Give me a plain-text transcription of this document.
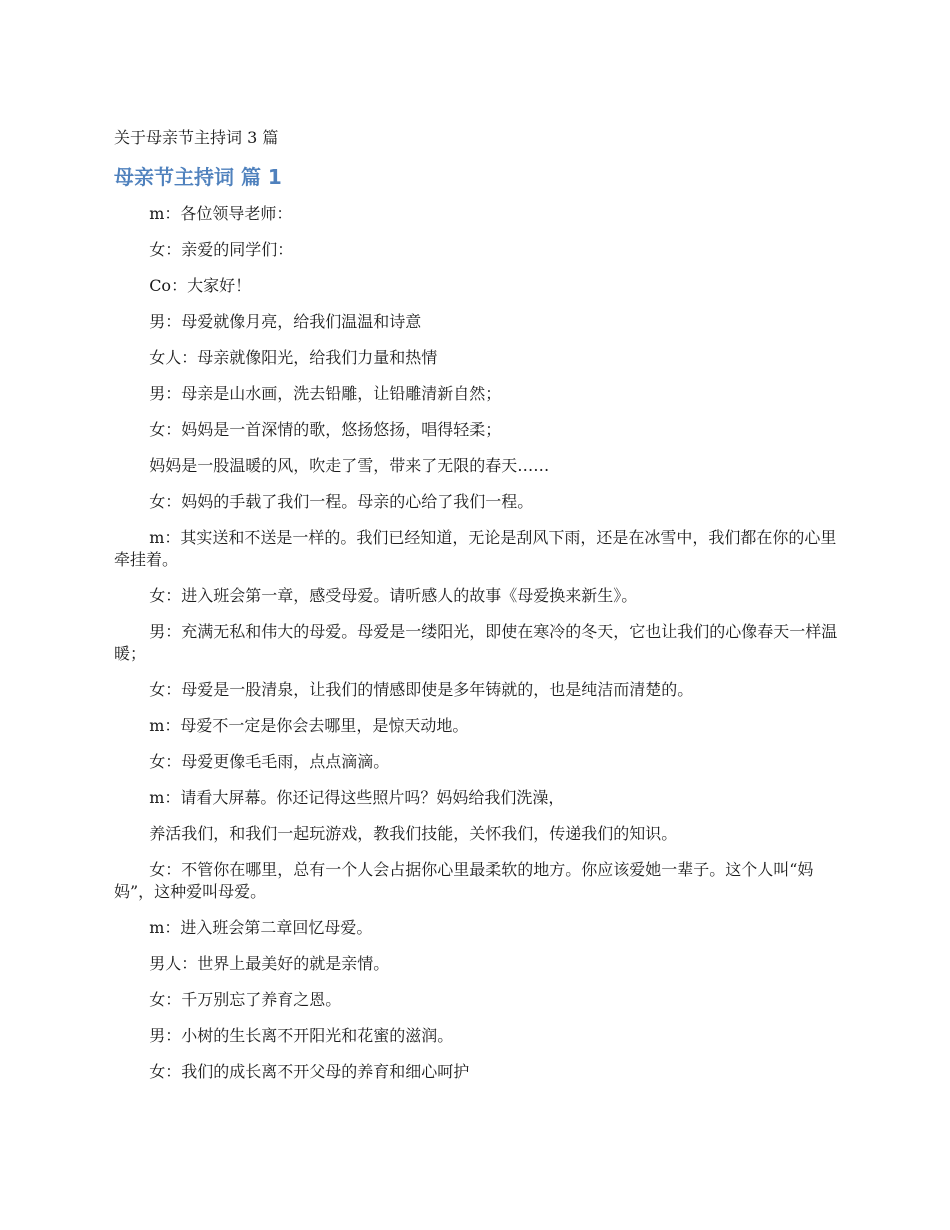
关于母亲节主持词 3 篇

母亲节主持词 篇 1

m：各位领导老师：

女：亲爱的同学们：

Co：大家好！

男：母爱就像月亮，给我们温温和诗意

女人：母亲就像阳光，给我们力量和热情

男：母亲是山水画，洗去铅雕，让铅雕清新自然；

女：妈妈是一首深情的歌，悠扬悠扬，唱得轻柔；

妈妈是一股温暖的风，吹走了雪，带来了无限的春天……

女：妈妈的手载了我们一程。母亲的心给了我们一程。

m：其实送和不送是一样的。我们已经知道，无论是刮风下雨，还是在冰雪中，我们都在你的心里牵挂着。

女：进入班会第一章，感受母爱。请听感人的故事《母爱换来新生》。

男：充满无私和伟大的母爱。母爱是一缕阳光，即使在寒冷的冬天，它也让我们的心像春天一样温暖；

女：母爱是一股清泉，让我们的情感即使是多年铸就的，也是纯洁而清楚的。

m：母爱不一定是你会去哪里，是惊天动地。

女：母爱更像毛毛雨，点点滴滴。

m：请看大屏幕。你还记得这些照片吗？妈妈给我们洗澡，

养活我们，和我们一起玩游戏，教我们技能，关怀我们，传递我们的知识。

女：不管你在哪里，总有一个人会占据你心里最柔软的地方。你应该爱她一辈子。这个人叫“妈妈”，这种爱叫母爱。

m：进入班会第二章回忆母爱。

男人：世界上最美好的就是亲情。

女：千万别忘了养育之恩。

男：小树的生长离不开阳光和花蜜的滋润。

女：我们的成长离不开父母的养育和细心呵护
